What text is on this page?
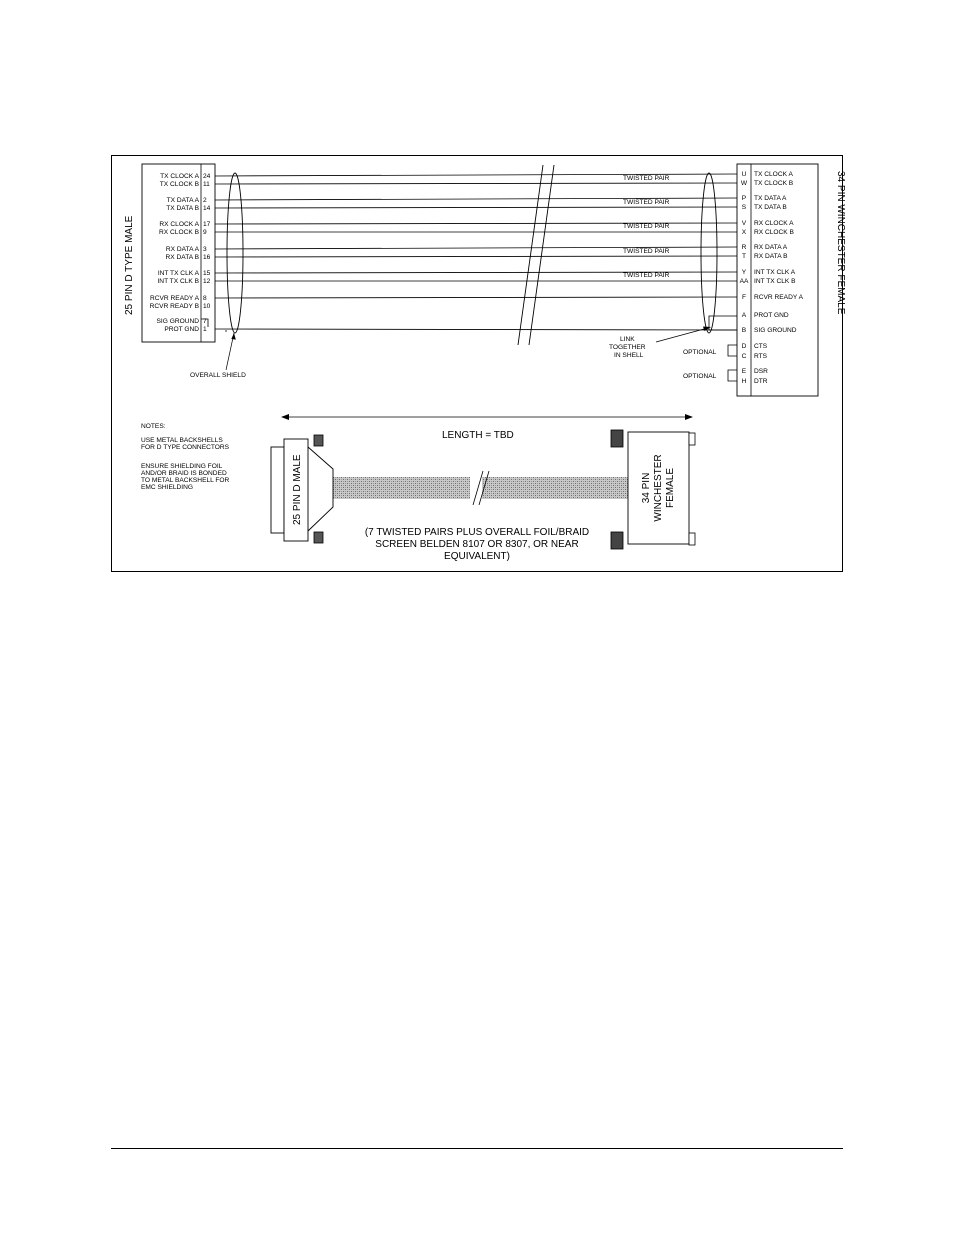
25 PIN D TYPE MALE
TX CLOCK A 24
TX CLOCK B 11
TX DATA A 2
TX DATA B 14
RX CLOCK A 17
RX CLOCK B 9
RX DATA A 3
RX DATA B 16
INT TX CLK A 15
INT TX CLK B 12
RCVR READY A 8
RCVR READY B 10
SIG GROUND 7
PROT GND 1
34 PIN WINCHESTER FEMALE
U TX CLOCK A
W TX CLOCK B
P TX DATA A
S TX DATA B
V RX CLOCK A
X RX CLOCK B
R RX DATA A
T RX DATA B
Y INT TX CLK A
AA INT TX CLK B
F RCVR READY A
A PROT GND
B SIG GROUND
D CTS
C RTS
E DSR
H DTR
TWISTED PAIR
TWISTED PAIR
TWISTED PAIR
TWISTED PAIR
TWISTED PAIR
OVERALL SHIELD
LINK
TOGETHER
IN SHELL	OPTIONAL
OPTIONAL
NOTES:
USE METAL BACKSHELLS
FOR D TYPE CONNECTORS
ENSURE SHIELDING FOIL
AND/OR BRAID IS BONDED
TO METAL BACKSHELL FOR
EMC SHIELDING
LENGTH = TBD
25 PIN D MALE	34 PIN WINCHESTER FEMALE
(7 TWISTED PAIRS PLUS OVERALL FOIL/BRAID
SCREEN BELDEN 8107 OR 8307, OR NEAR
EQUIVALENT)
